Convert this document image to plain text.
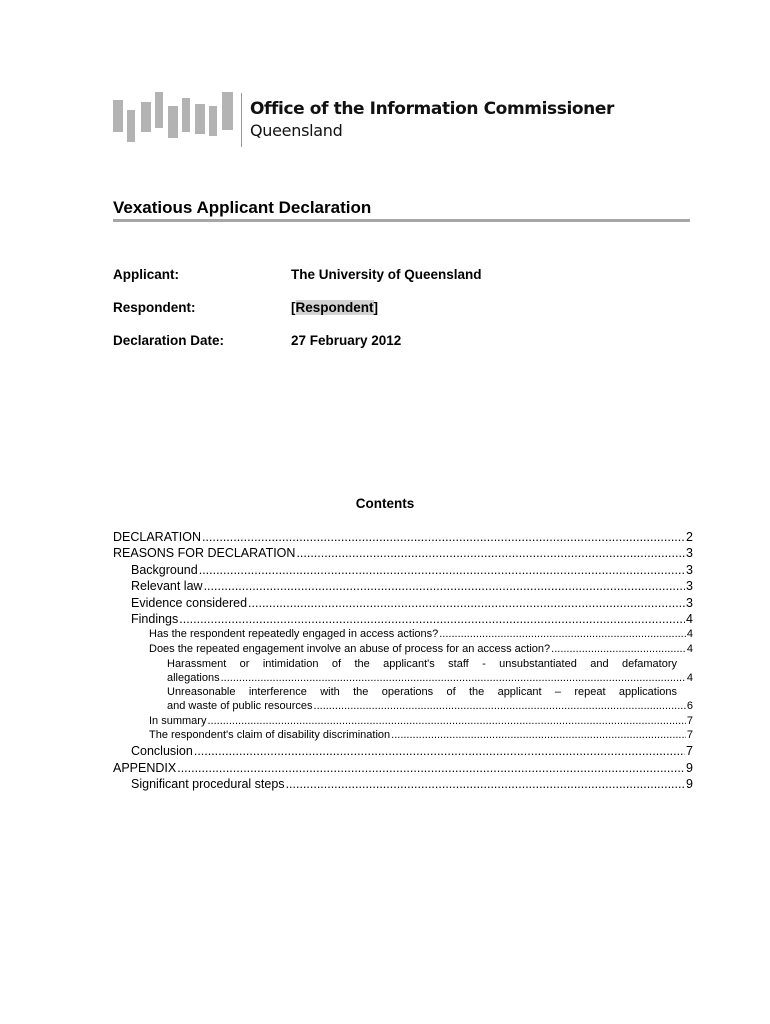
Office of the Information Commissioner
Queensland
Vexatious Applicant Declaration
Applicant:	The University of Queensland
Respondent:	[Respondent]
Declaration Date:	27 February 2012
Contents
DECLARATION .....	2
REASONS FOR DECLARATION .....	3
Background .....	3
Relevant law .....	3
Evidence considered .....	3
Findings .....	4
Has the respondent repeatedly engaged in access actions? .....	4
Does the repeated engagement involve an abuse of process for an access action? .....	4
Harassment or intimidation of the applicant's staff - unsubstantiated and defamatory
allegations .....	4
Unreasonable interference with the operations of the applicant – repeat applications
and waste of public resources .....	6
In summary .....	7
The respondent's claim of disability discrimination .....	7
Conclusion .....	7
APPENDIX .....	9
Significant procedural steps .....	9
